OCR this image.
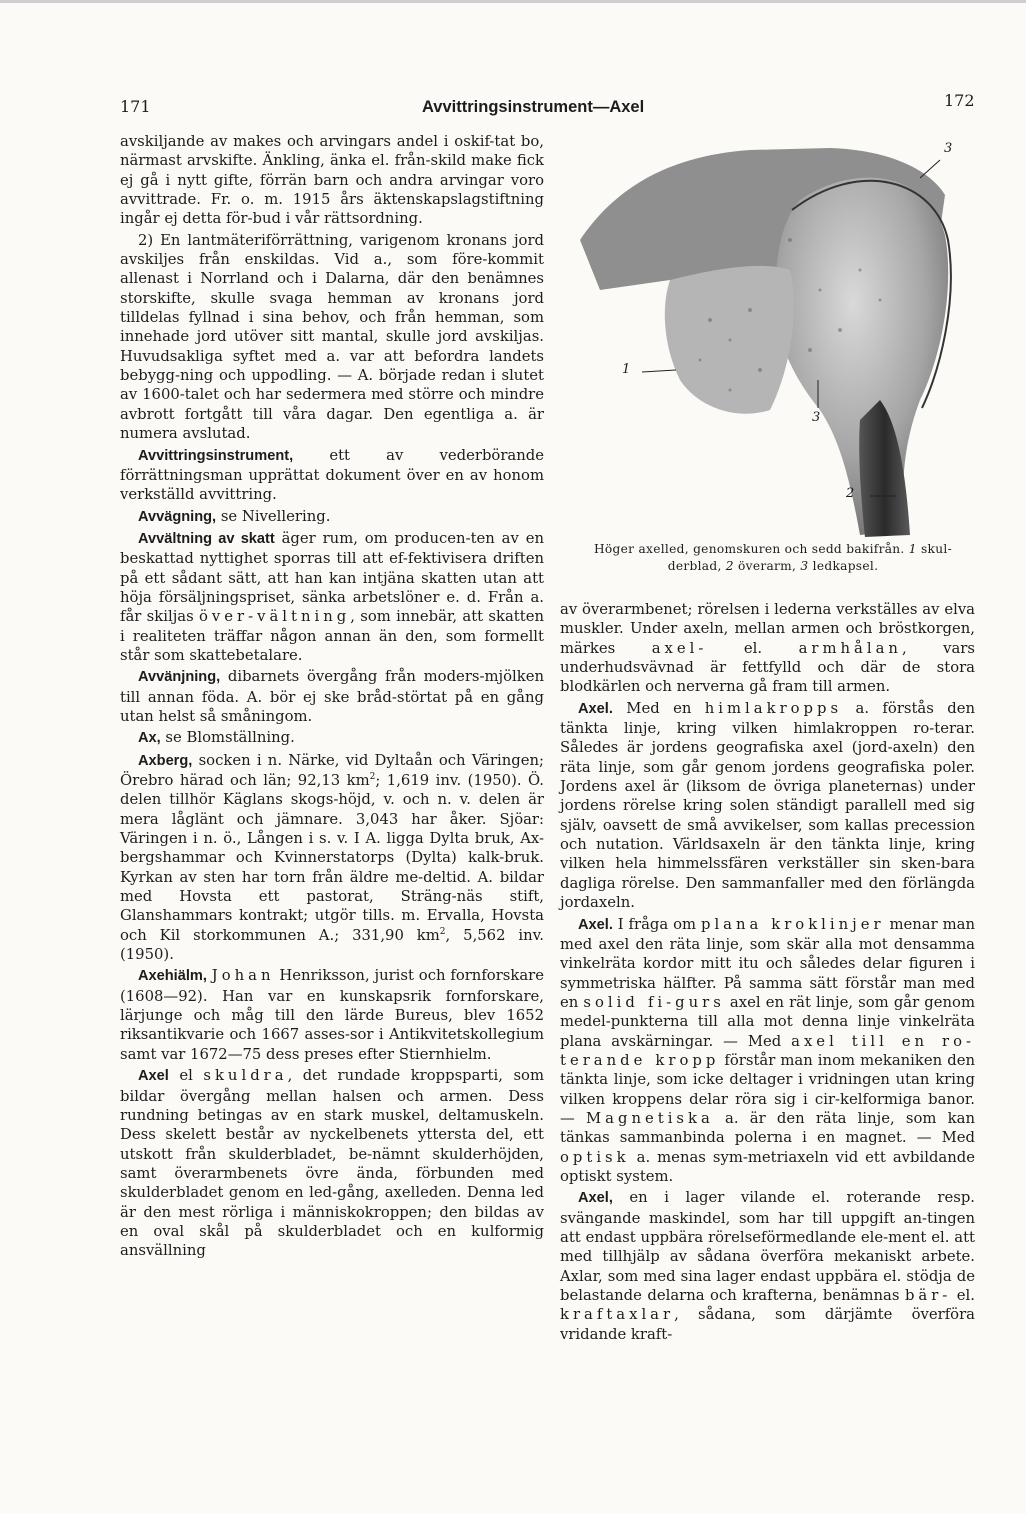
171	Avvittringsinstrument—Axel	172

avskiljande av makes och arvingars andel i oskif-tat bo, närmast arvskifte. Änkling, änka el. från-skild make fick ej gå i nytt gifte, förrän barn och andra arvingar voro avvittrade. Fr. o. m. 1915 års äktenskapslagstiftning ingår ej detta för-bud i vår rättsordning.

2) En lantmäteriförrättning, varigenom kronans jord avskiljes från enskildas. Vid a., som före-kommit allenast i Norrland och i Dalarna, där den benämnes storskifte, skulle svaga hemman av kronans jord tilldelas fyllnad i sina behov, och från hemman, som innehade jord utöver sitt mantal, skulle jord avskiljas. Huvudsakliga syftet med a. var att befordra landets bebygg-ning och uppodling. — A. började redan i slutet av 1600-talet och har sedermera med större och mindre avbrott fortgått till våra dagar. Den egentliga a. är numera avslutad.

Avvittringsinstrument, ett av vederbörande förrättningsman upprättat dokument över en av honom verkställd avvittring.

Avvägning, se Nivellering.

Avvältning av skatt äger rum, om producen-ten av en beskattad nyttighet sporras till att ef-fektivisera driften på ett sådant sätt, att han kan intjäna skatten utan att höja försäljningspriset, sänka arbetslöner e. d. Från a. får skiljas över-vältning, som innebär, att skatten i realiteten träffar någon annan än den, som formellt står som skattebetalare.

Avvänjning, dibarnets övergång från moders-mjölken till annan föda. A. bör ej ske bråd-störtat på en gång utan helst så småningom.

Ax, se Blomställning.

Axberg, socken i n. Närke, vid Dyltaån och Väringen; Örebro härad och län; 92,13 $km^2$; 1,619 inv. (1950). Ö. delen tillhör Käglans skogs-höjd, v. och n. v. delen är mera låglänt och jämnare. 3,043 har åker. Sjöar: Väringen i n. ö., Lången i s. v. I A. ligga Dylta bruk, Ax-bergshammar och Kvinnerstatorps (Dylta) kalk-bruk. Kyrkan av sten har torn från äldre me-deltid. A. bildar med Hovsta ett pastorat, Sträng-näs stift, Glanshammars kontrakt; utgör tills. m. Ervalla, Hovsta och Kil storkommunen A.; 331,90 $km^2$, 5,562 inv. (1950).

Axehiälm, Johan Henriksson, jurist och fornforskare (1608—92). Han var en kunskapsrik fornforskare, lärjunge och måg till den lärde Bureus, blev 1652 riksantikvarie och 1667 asses-sor i Antikvitetskollegium samt var 1672—75 dess preses efter Stiernhielm.

Axel el skuldra, det rundade kroppsparti, som bildar övergång mellan halsen och armen. Dess rundning betingas av en stark muskel, deltamuskeln. Dess skelett består av nyckelbenets yttersta del, ett utskott från skulderbladet, be-nämnt skulderhöjden, samt överarmbenets övre ända, förbunden med skulderbladet genom en led-gång, axelleden. Denna led är den mest rörliga i människokroppen; den bildas av en oval skål på skulderbladet och en kulformig ansvällning

1
2
3
3
Höger axelled, genomskuren och sedd bakifrån. 1 skul-derblad, 2 överarm, 3 ledkapsel.

av överarmbenet; rörelsen i lederna verkställes av elva muskler. Under axeln, mellan armen och bröstkorgen, märkes axel- el. armhålan, vars underhudsvävnad är fettfylld och där de stora blodkärlen och nerverna gå fram till armen.

Axel. Med en himlakropps a. förstås den tänkta linje, kring vilken himlakroppen ro-terar. Således är jordens geografiska axel (jord-axeln) den räta linje, som går genom jordens geografiska poler. Jordens axel är (liksom de övriga planeternas) under jordens rörelse kring solen ständigt parallell med sig själv, oavsett de små avvikelser, som kallas precession och nutation. Världsaxeln är den tänkta linje, kring vilken hela himmelssfären verkställer sin sken-bara dagliga rörelse. Den sammanfaller med den förlängda jordaxeln.

Axel. I fråga om plana kroklinjer menar man med axel den räta linje, som skär alla mot densamma vinkelräta kordor mitt itu och således delar figuren i symmetriska hälfter. På samma sätt förstår man med en solid fi-gurs axel en rät linje, som går genom medel-punkterna till alla mot denna linje vinkelräta plana avskärningar. — Med axel till en ro-terande kropp förstår man inom mekaniken den tänkta linje, som icke deltager i vridningen utan kring vilken kroppens delar röra sig i cir-kelformiga banor. — Magnetiska a. är den räta linje, som kan tänkas sammanbinda polerna i en magnet. — Med optisk a. menas sym-metriaxeln vid ett avbildande optiskt system.

Axel, en i lager vilande el. roterande resp. svängande maskindel, som har till uppgift an-tingen att endast uppbära rörelseförmedlande ele-ment el. att med tillhjälp av sådana överföra mekaniskt arbete. Axlar, som med sina lager endast uppbära el. stödja de belastande delarna och krafterna, benämnas bär- el. kraftaxlar, sådana, som därjämte överföra vridande kraft-
